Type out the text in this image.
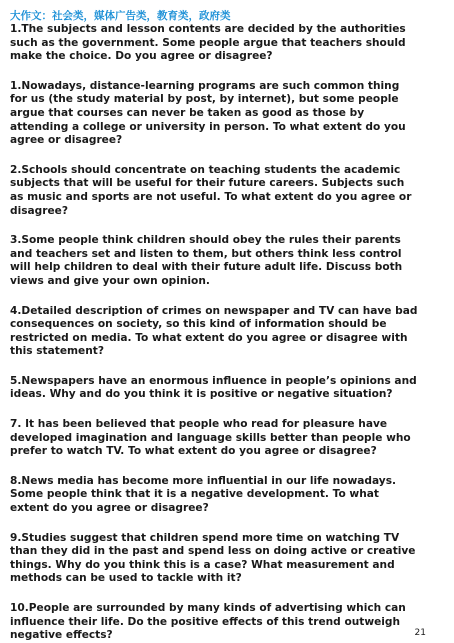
大作文：社会类，媒体广告类，教育类，政府类

1.The subjects and lesson contents are decided by the authorities such as the government. Some people argue that teachers should make the choice. Do you agree or disagree?

1.Nowadays, distance-learning programs are such common thing for us (the study material by post, by internet), but some people argue that courses can never be taken as good as those by attending a college or university in person. To what extent do you agree or disagree?

2.Schools should concentrate on teaching students the academic subjects that will be useful for their future careers. Subjects such as music and sports are not useful. To what extent do you agree or disagree?

3.Some people think children should obey the rules their parents and teachers set and listen to them, but others think less control will help children to deal with their future adult life. Discuss both views and give your own opinion.

4.Detailed description of crimes on newspaper and TV can have bad consequences on society, so this kind of information should be restricted on media. To what extent do you agree or disagree with this statement?

5.Newspapers have an enormous influence in people’s opinions and ideas. Why and do you think it is positive or negative situation?

7. It has been believed that people who read for pleasure have developed imagination and language skills better than people who prefer to watch TV. To what extent do you agree or disagree?

8.News media has become more influential in our life nowadays. Some people think that it is a negative development. To what extent do you agree or disagree?

9.Studies suggest that children spend more time on watching TV than they did in the past and spend less on doing active or creative things. Why do you think this is a case? What measurement and methods can be used to tackle with it?

10.People are surrounded by many kinds of advertising which can influence their life. Do the positive effects of this trend outweigh negative effects?	21
